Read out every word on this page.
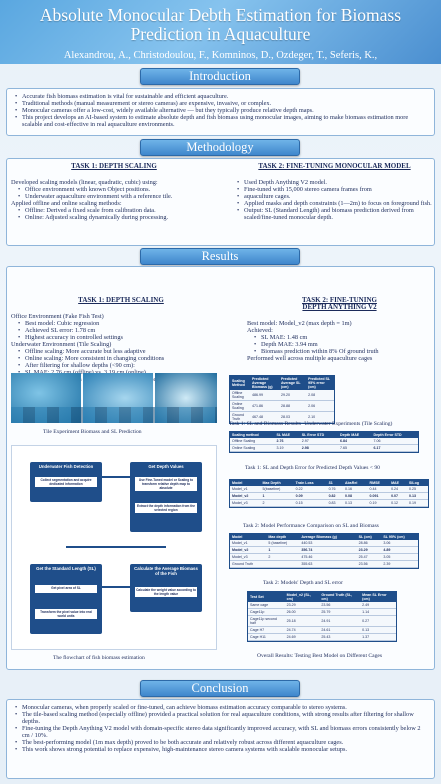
Absolute Monocular Debth Estimation for Biomass
Prediction in Aquaculture
Alexandrou, A., Christodoulou, F., Komninos, D., Ozdeger, T., Seferis, K.,
Introduction
• Accurate fish biomass estimation is vital for sustainable and efficient aquaculture.
• Traditional methods (manual measurement or stereo cameras) are expensive, invasive, or complex.
• Monocular cameras offer a low-cost, widely available alternative — but they typically produce relative depth maps.
• This project develops an AI-based system to estimate absolute depth and fish biomass using monocular images, aiming to make biomass estimation more scalable and cost-effective in real aquaculture environments.
Methodology
TASK 1: DEPTH SCALING

Developed scaling models (linear, quadratic, cubic) using:

• Office environment with known Object positions.
• Underwater aquaculture environment with a reference tile.

Applied offline and online scaling methods:

• Offline: Derived a fixed scale from calibration data.
• Online: Adjusted scaling dynamically during processing.
TASK 2: FINE-TUNING MONOCULAR MODEL
• Used Depth Anything V2 model.
• Fine-tuned with 15,000 stereo camera frames from
• aquaculture cages.
• Applied masks and depth constraints (1—2m) to focus on foreground fish.
• Output: SL (Standard Length) and biomass prediction derived from scaled/fine-tuned monocular depth.
Results
TASK 1: DEPTH SCALING

Office Environment (Fake Fish Test)

• Best model: Cubic regression
• Achieved SL error: 1.78 cm
• Highest accuracy in controlled settings

Underwater Environment (Tile Scaling)

• Offline scaling: More accurate but less adaptive
• Online scaling: More consistent in changing conditions
• After filtering for shallow depths (<90 cm):
•
•
TASK 2: FINE-TUNING
DEPTH ANYTHING V2

Best model: Model_v2 (max depth = 1m)

Achieved:

• SL MAE: 1.48 cm
• Depth MAE: 3.94 mm
• Biomass prediction within 8% Of ground truth

Performed well across multiple aquaculture cages

Tile Experiment Biomass and SL Prediction
Underwater Fish Detection
Collect segmentation and acquire dedicated information
Get Depth Values
Use Fine-Tuned model or Scaling to transform relative depth map to absolute
Extract the depth information from the selected region
Get the Standard Length (SL)
Get pixel area of SL
Transform the pixel value into real world units
Calculate the Average Biomass of the Fish
Calculate the weight value according to the length value
The flowchart of fish biomass estimation
Scaling Method	Predicted Average Biomass (g)	Predicted Average SL (cm)	Predicted SL 95% error (cm)
Offline Scaling	486.99	29.20	2.08
Online Scaling	471.86	28.88	2.06
Ground Truth	467.48	28.03	2.10
Task 1: SL and Biomass Results -Underwater Experiments (Tile Scaling)
Scaling method	SL MAE	SL Error STD	Depth MAE	Depth Error STD
Offline Scaling	2.76	2.97	6.84	7.06
Online Scaling	3.19	2.98	7.65	6.17
Task 1: SL and Depth Error for Predicted Depth Values < 90
Model	Max Depth	Train Loss	δ1	AbsRel	RMSE	MAE	SILog
Model_v1	5(baseline)	0.22	0.76	0.16	0.44	0.24	0.25
Model_v2	1	0.09	0.82	0.08	0.091	0.07	0.13
Model_v3	2	0.15	0.83	0.13	0.19	0.12	0.19
Task 2: Model Performance Comparison on SL and Biomass
Model	Max depth	Average Biomass (g)	SL (cm)	SL 95% (cm)
Model_v1	5 (baseline)	440.53	28.86	3.06
Model_v2	1	356.74	23.29	4.89
Model_v3	2	475.46	25.47	3.05
Ground Truth		355.63	23.56	2.39
Task 2: Models' Depth and SL error
Test Set	Model_v2 (SL, cm)	Ground Truth (SL, cm)	Mean SL Error (cm)
Same cage	23.29	23.56	2.49
Cage11p	26.00	25.79	1.14
Cage11p second half	25.18	24.91	0.27
Cage H7	24.74	24.61	0.13
Cage H11	24.69	25.43	1.37
Overall Results: Testing Best Model on Different Cages
Conclusion
• Monocular cameras, when properly scaled or fine-tuned, can achieve biomass estimation accuracy comparable to stereo systems.
• The tile-based scaling method (especially offline) provided a practical solution for real aquaculture conditions, with strong results after filtering for shallow depths.
• Fine-tuning the Depth Anything V2 model with domain-specific stereo data significantly improved accuracy, with SL and biomass errors consistently below 2 cm / 10%.
• The best-performing model (1m max depth) proved to be both accurate and relatively robust across different aquaculture cages.
• This work shows strong potential to replace expensive, high-maintenance stereo camera systems with scalable monocular setups.
